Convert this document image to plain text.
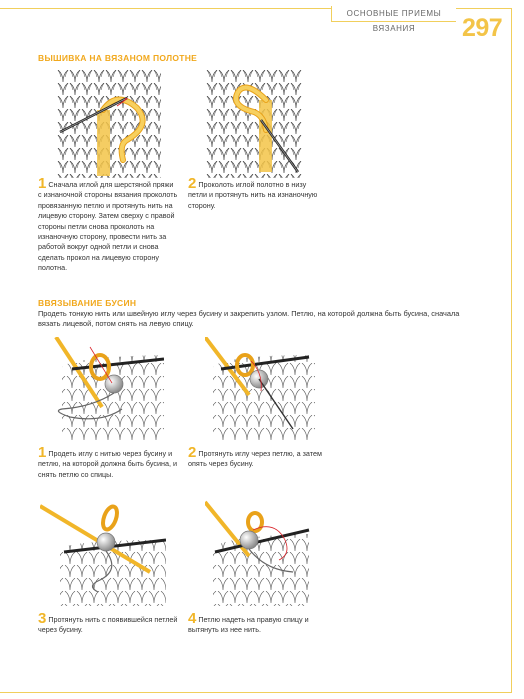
ОСНОВНЫЕ ПРИЕМЫ ВЯЗАНИЯ	297
ВЫШИВКА НА ВЯЗАНОМ ПОЛОТНЕ
1 Сначала иглой для шерстяной пряжи с изнаночной стороны вязания проколоть провязанную петлю и протянуть нить на лицевую сторону. Затем сверху с правой стороны петли снова проколоть на изнаночную сторону, провести нить за работой вокруг одной петли и снова сделать прокол на лицевую сторону полотна.
2 Проколоть иглой полотно в низу петли и протянуть нить на изнаночную сторону.
ВВЯЗЫВАНИЕ БУСИН
Продеть тонкую нить или швейную иглу через бусину и закрепить узлом. Петлю, на которой должна быть бусина, сначала вязать лицевой, потом снять на левую спицу.
1 Продеть иглу с нитью через бусину и петлю, на которой должна быть бусина, и снять петлю со спицы.
2 Протянуть иглу через петлю, а затем опять через бусину.
3 Протянуть нить с появившейся петлей через бусину.
4 Петлю надеть на правую спицу и вытянуть из нее нить.
